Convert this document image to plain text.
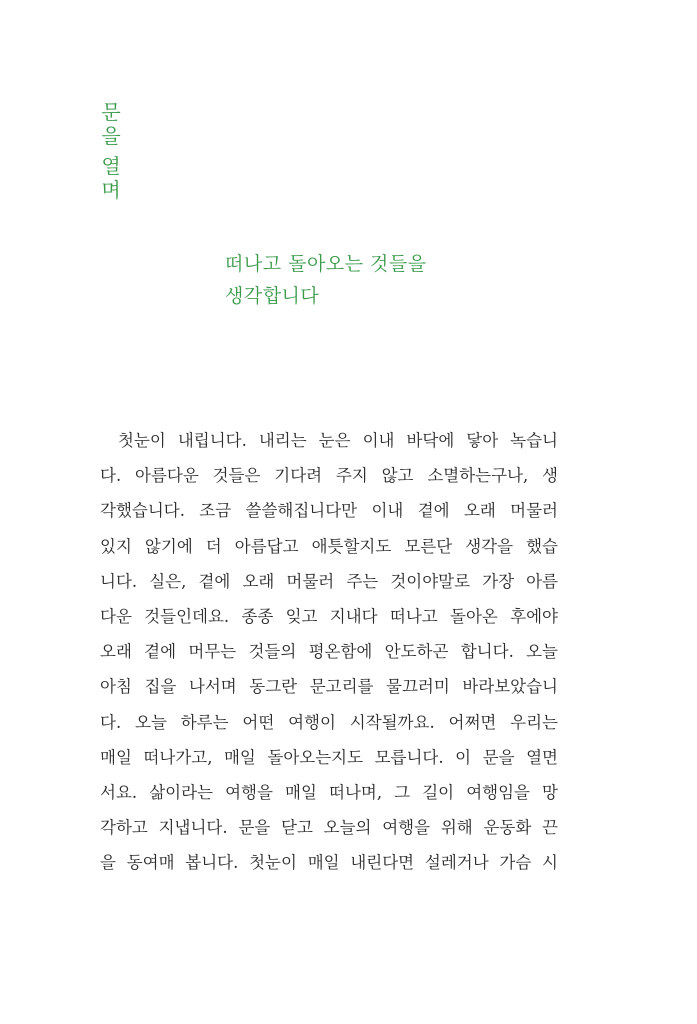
문
을
열
며
떠나고 돌아오는 것들을
생각합니다
첫눈이 내립니다. 내리는 눈은 이내 바닥에 닿아 녹습니
다. 아름다운 것들은 기다려 주지 않고 소멸하는구나, 생
각했습니다. 조금 쓸쓸해집니다만 이내 곁에 오래 머물러
있지 않기에 더 아름답고 애틋할지도 모른단 생각을 했습
니다. 실은, 곁에 오래 머물러 주는 것이야말로 가장 아름
다운 것들인데요. 종종 잊고 지내다 떠나고 돌아온 후에야
오래 곁에 머무는 것들의 평온함에 안도하곤 합니다. 오늘
아침 집을 나서며 동그란 문고리를 물끄러미 바라보았습니
다. 오늘 하루는 어떤 여행이 시작될까요. 어쩌면 우리는
매일 떠나가고, 매일 돌아오는지도 모릅니다. 이 문을 열면
서요. 삶이라는 여행을 매일 떠나며, 그 길이 여행임을 망
각하고 지냅니다. 문을 닫고 오늘의 여행을 위해 운동화 끈
을 동여매 봅니다. 첫눈이 매일 내린다면 설레거나 가슴 시
